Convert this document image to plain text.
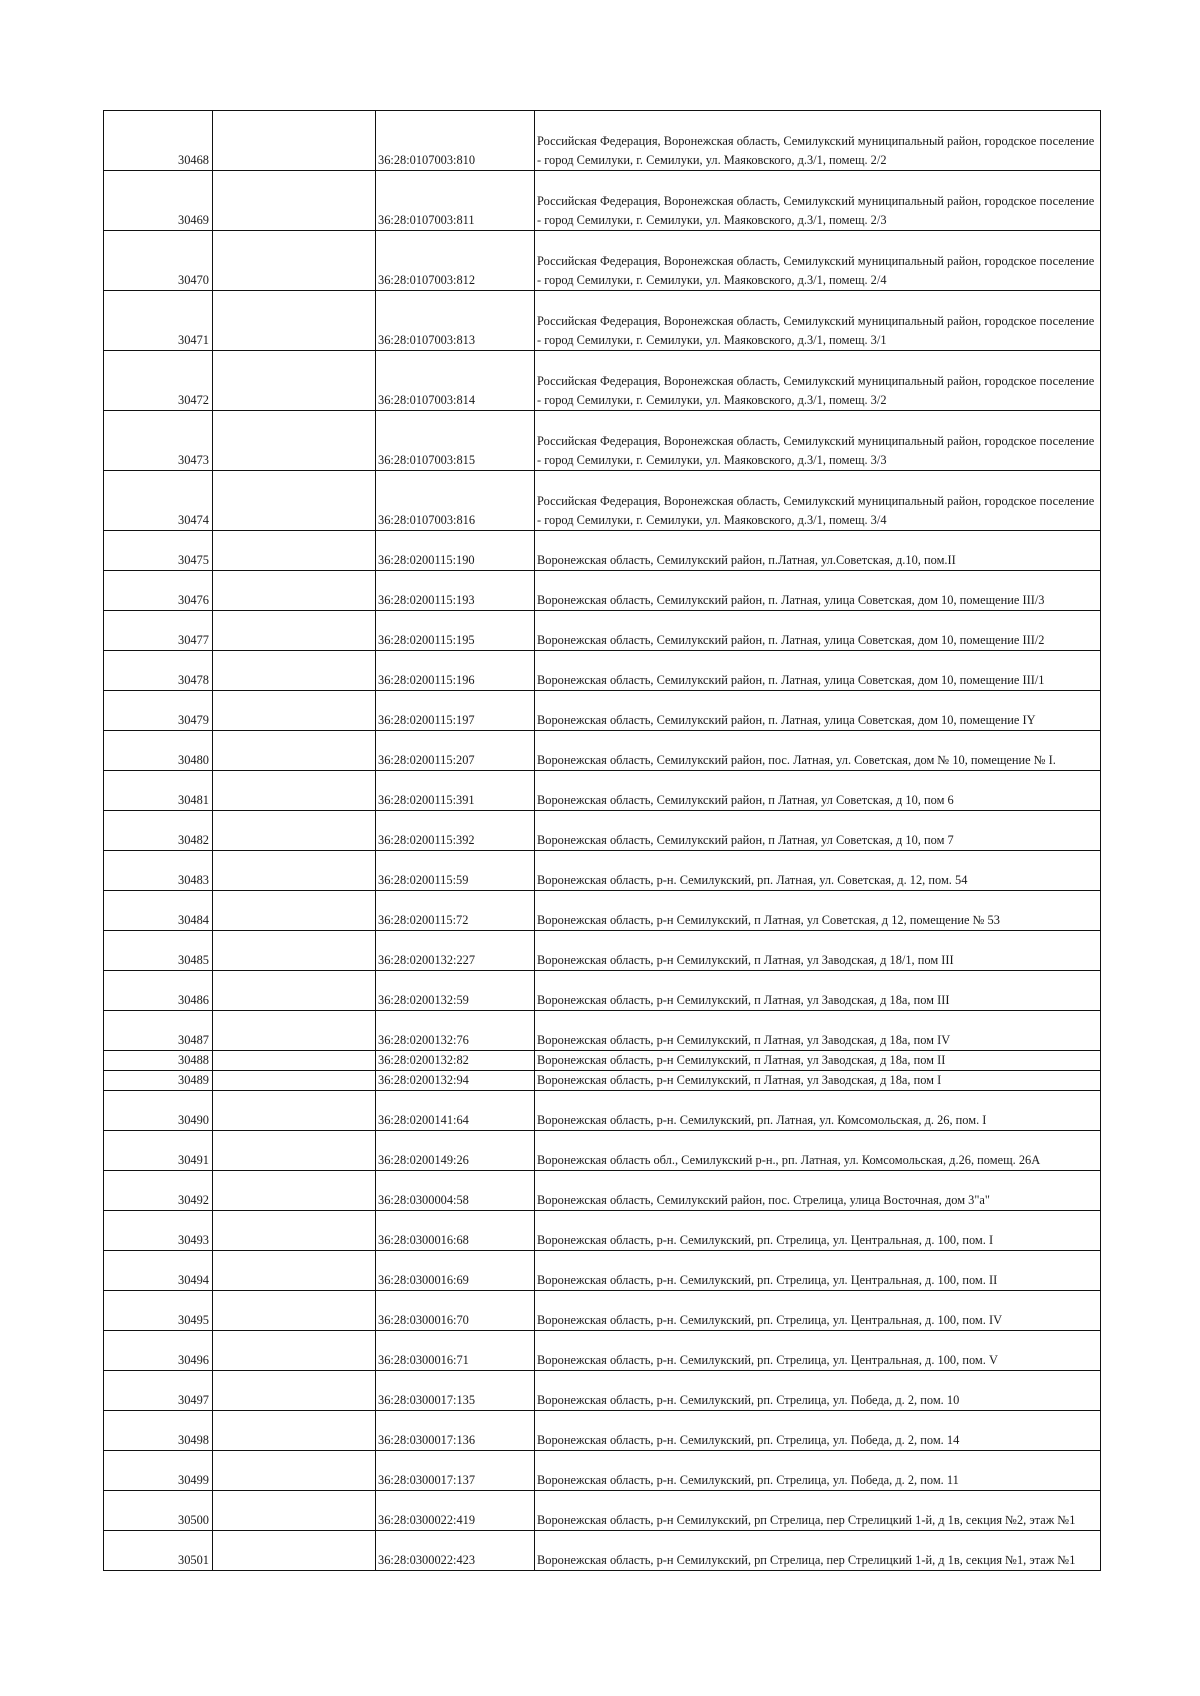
30468		36:28:0107003:810	Российская Федерация, Воронежская область, Семилукский муниципальный район, городское поселение - город Семилуки, г. Семилуки, ул. Маяковского, д.3/1, помещ. 2/2
30469		36:28:0107003:811	Российская Федерация, Воронежская область, Семилукский муниципальный район, городское поселение - город Семилуки, г. Семилуки, ул. Маяковского, д.3/1, помещ. 2/3
30470		36:28:0107003:812	Российская Федерация, Воронежская область, Семилукский муниципальный район, городское поселение - город Семилуки, г. Семилуки, ул. Маяковского, д.3/1, помещ. 2/4
30471		36:28:0107003:813	Российская Федерация, Воронежская область, Семилукский муниципальный район, городское поселение - город Семилуки, г. Семилуки, ул. Маяковского, д.3/1, помещ. 3/1
30472		36:28:0107003:814	Российская Федерация, Воронежская область, Семилукский муниципальный район, городское поселение - город Семилуки, г. Семилуки, ул. Маяковского, д.3/1, помещ. 3/2
30473		36:28:0107003:815	Российская Федерация, Воронежская область, Семилукский муниципальный район, городское поселение - город Семилуки, г. Семилуки, ул. Маяковского, д.3/1, помещ. 3/3
30474		36:28:0107003:816	Российская Федерация, Воронежская область, Семилукский муниципальный район, городское поселение - город Семилуки, г. Семилуки, ул. Маяковского, д.3/1, помещ. 3/4
30475		36:28:0200115:190	Воронежская область, Семилукский район, п.Латная, ул.Советская, д.10, пом.II
30476		36:28:0200115:193	Воронежская область, Семилукский район, п. Латная, улица Советская, дом 10, помещение III/3
30477		36:28:0200115:195	Воронежская область, Семилукский район, п. Латная, улица Советская, дом 10, помещение III/2
30478		36:28:0200115:196	Воронежская область, Семилукский район, п. Латная, улица Советская, дом 10, помещение III/1
30479		36:28:0200115:197	Воронежская область, Семилукский район, п. Латная, улица Советская, дом 10, помещение IY
30480		36:28:0200115:207	Воронежская область, Семилукский район, пос. Латная, ул. Советская, дом № 10, помещение № I.
30481		36:28:0200115:391	Воронежская область, Семилукский район, п Латная, ул Советская, д 10, пом 6
30482		36:28:0200115:392	Воронежская область, Семилукский район, п Латная, ул Советская, д 10, пом 7
30483		36:28:0200115:59	Воронежская область, р-н. Семилукский, рп. Латная, ул. Советская, д. 12, пом. 54
30484		36:28:0200115:72	Воронежская область, р-н Семилукский, п Латная, ул Советская, д 12, помещение № 53
30485		36:28:0200132:227	Воронежская область, р-н Семилукский, п Латная, ул Заводская, д 18/1, пом III
30486		36:28:0200132:59	Воронежская область, р-н Семилукский, п Латная, ул Заводская, д 18а, пом III
30487		36:28:0200132:76	Воронежская область, р-н Семилукский, п Латная, ул Заводская, д 18а, пом IV
30488		36:28:0200132:82	Воронежская область, р-н Семилукский, п Латная, ул Заводская, д 18а, пом II
30489		36:28:0200132:94	Воронежская область, р-н Семилукский, п Латная, ул Заводская, д 18а, пом I
30490		36:28:0200141:64	Воронежская область, р-н. Семилукский, рп. Латная, ул. Комсомольская, д. 26, пом. I
30491		36:28:0200149:26	Воронежская область обл., Семилукский р-н., рп. Латная, ул. Комсомольская, д.26, помещ. 26А
30492		36:28:0300004:58	Воронежская область, Семилукский район, пос. Стрелица, улица Восточная, дом 3"а"
30493		36:28:0300016:68	Воронежская область, р-н. Семилукский, рп. Стрелица, ул. Центральная, д. 100, пом. I
30494		36:28:0300016:69	Воронежская область, р-н. Семилукский, рп. Стрелица, ул. Центральная, д. 100, пом. II
30495		36:28:0300016:70	Воронежская область, р-н. Семилукский, рп. Стрелица, ул. Центральная, д. 100, пом. IV
30496		36:28:0300016:71	Воронежская область, р-н. Семилукский, рп. Стрелица, ул. Центральная, д. 100, пом. V
30497		36:28:0300017:135	Воронежская область, р-н. Семилукский, рп. Стрелица, ул. Победа, д. 2, пом. 10
30498		36:28:0300017:136	Воронежская область, р-н. Семилукский, рп. Стрелица, ул. Победа, д. 2, пом. 14
30499		36:28:0300017:137	Воронежская область, р-н. Семилукский, рп. Стрелица, ул. Победа, д. 2, пом. 11
30500		36:28:0300022:419	Воронежская область, р-н Семилукский, рп Стрелица, пер Стрелицкий 1-й, д 1в, секция №2, этаж №1
30501		36:28:0300022:423	Воронежская область, р-н Семилукский, рп Стрелица, пер Стрелицкий 1-й, д 1в, секция №1, этаж №1
